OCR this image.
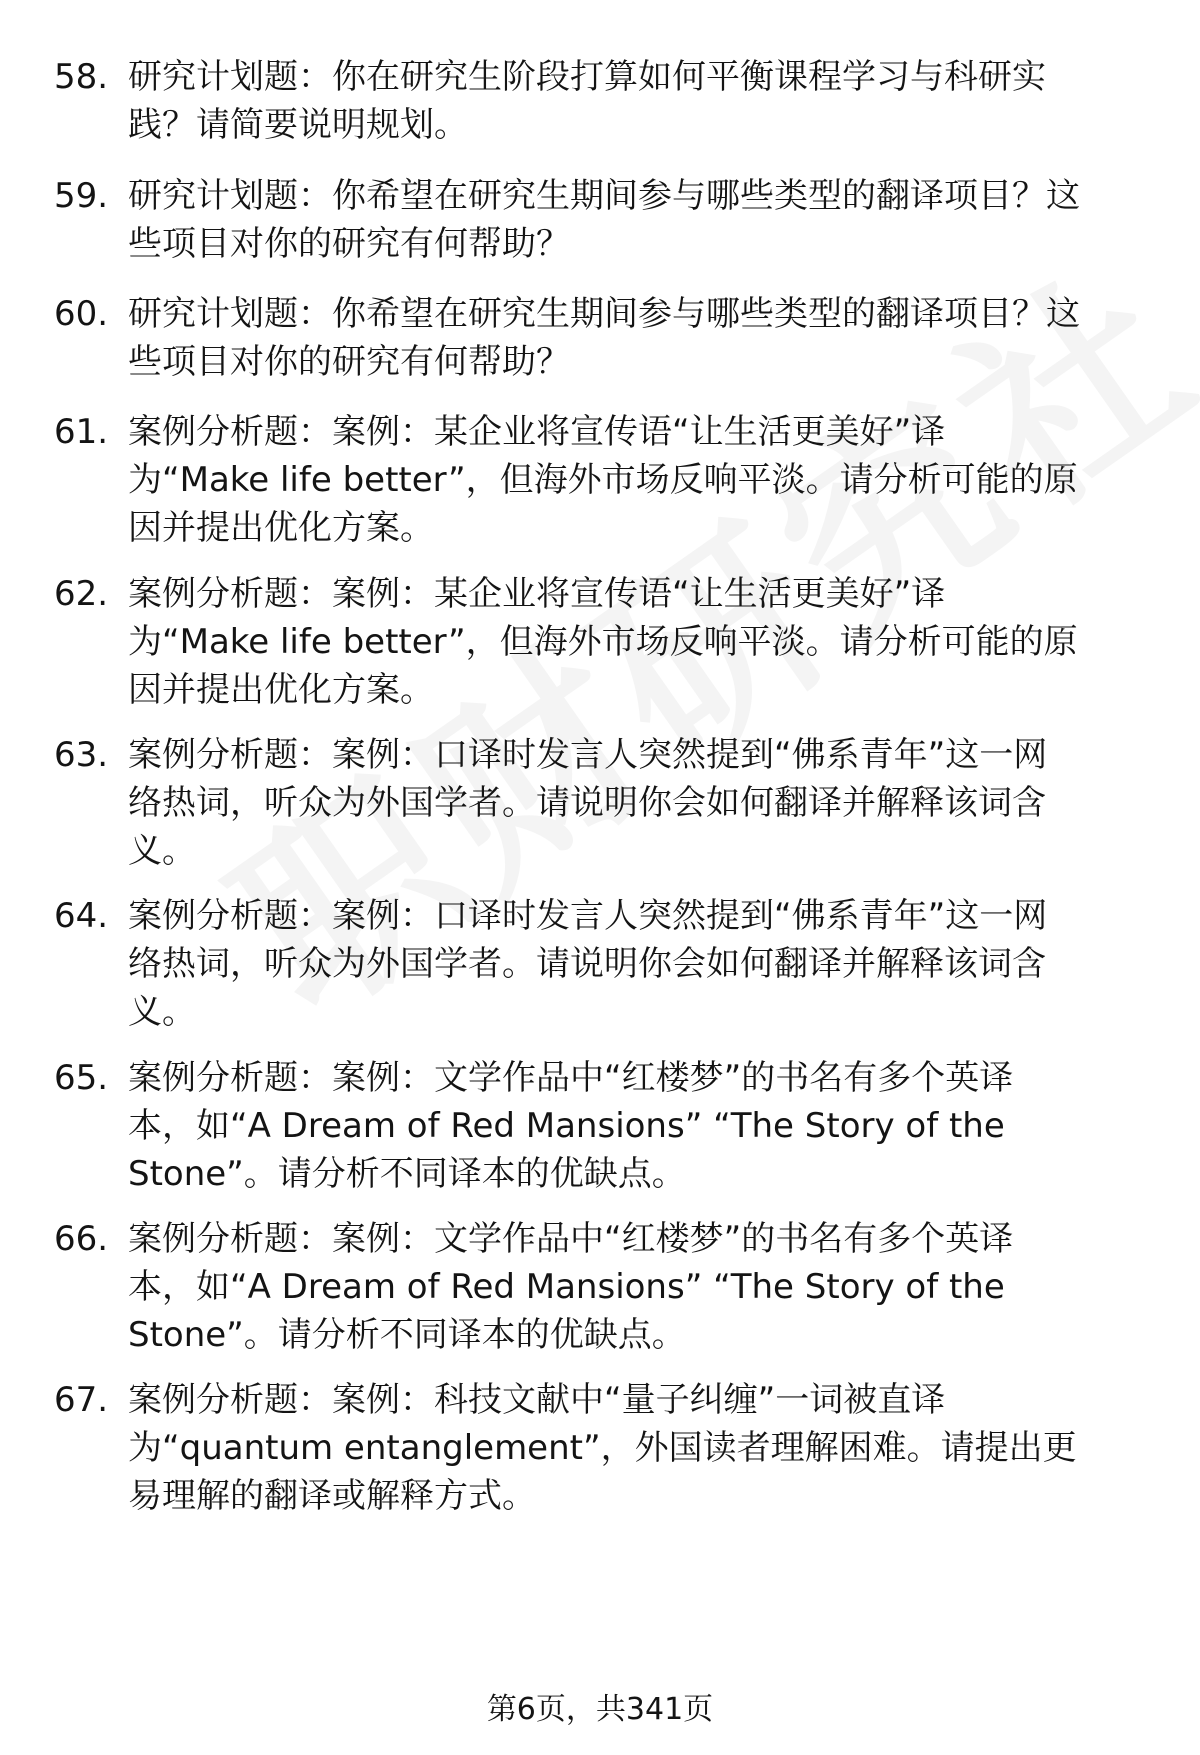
58. 研究计划题：你在研究生阶段打算如何平衡课程学习与科研实
践？请简要说明规划。
59. 研究计划题：你希望在研究生期间参与哪些类型的翻译项目？这
些项目对你的研究有何帮助？
60. 研究计划题：你希望在研究生期间参与哪些类型的翻译项目？这
些项目对你的研究有何帮助？
61. 案例分析题：案例：某企业将宣传语“让生活更美好”译
为“Make life better”，但海外市场反响平淡。请分析可能的原
因并提出优化方案。
62. 案例分析题：案例：某企业将宣传语“让生活更美好”译
为“Make life better”，但海外市场反响平淡。请分析可能的原
因并提出优化方案。
63. 案例分析题：案例：口译时发言人突然提到“佛系青年”这一网
络热词，听众为外国学者。请说明你会如何翻译并解释该词含
义。
64. 案例分析题：案例：口译时发言人突然提到“佛系青年”这一网
络热词，听众为外国学者。请说明你会如何翻译并解释该词含
义。
65. 案例分析题：案例：文学作品中“红楼梦”的书名有多个英译
本，如“A Dream of Red Mansions” “The Story of the
Stone”。请分析不同译本的优缺点。
66. 案例分析题：案例：文学作品中“红楼梦”的书名有多个英译
本，如“A Dream of Red Mansions” “The Story of the
Stone”。请分析不同译本的优缺点。
67. 案例分析题：案例：科技文献中“量子纠缠”一词被直译
为“quantum entanglement”，外国读者理解困难。请提出更
易理解的翻译或解释方式。
第6页，共341页
